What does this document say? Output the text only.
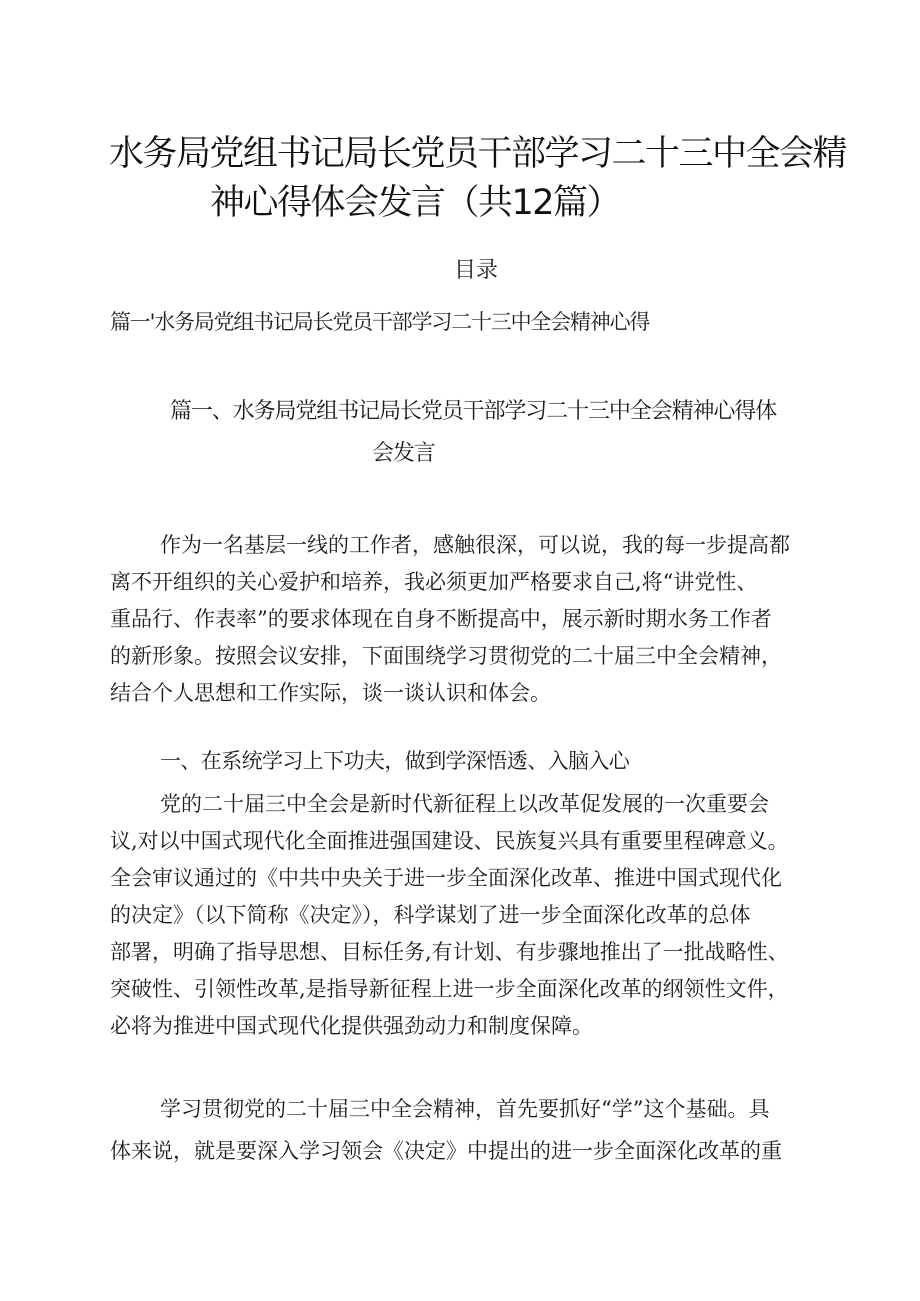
水务局党组书记局长党员干部学习二十三中全会精
神心得体会发言（共12篇）
目录
篇一'水务局党组书记局长党员干部学习二十三中全会精神心得
篇一、水务局党组书记局长党员干部学习二十三中全会精神心得体
会发言
作为一名基层一线的工作者，感触很深，可以说，我的每一步提高都
离不开组织的关心爱护和培养，我必须更加严格要求自己,将“讲党性、
重品行、作表率”的要求体现在自身不断提高中，展示新时期水务工作者
的新形象。按照会议安排，下面围绕学习贯彻党的二十届三中全会精神，
结合个人思想和工作实际，谈一谈认识和体会。
一、在系统学习上下功夫，做到学深悟透、入脑入心
党的二十届三中全会是新时代新征程上以改革促发展的一次重要会
议,对以中国式现代化全面推进强国建设、民族复兴具有重要里程碑意义。
全会审议通过的《中共中央关于进一步全面深化改革、推进中国式现代化
的决定》（以下简称《决定》），科学谋划了进一步全面深化改革的总体
部署，明确了指导思想、目标任务,有计划、有步骤地推出了一批战略性、
突破性、引领性改革,是指导新征程上进一步全面深化改革的纲领性文件，
必将为推进中国式现代化提供强劲动力和制度保障。
学习贯彻党的二十届三中全会精神，首先要抓好“学”这个基础。具
体来说，就是要深入学习领会《决定》中提出的进一步全面深化改革的重
